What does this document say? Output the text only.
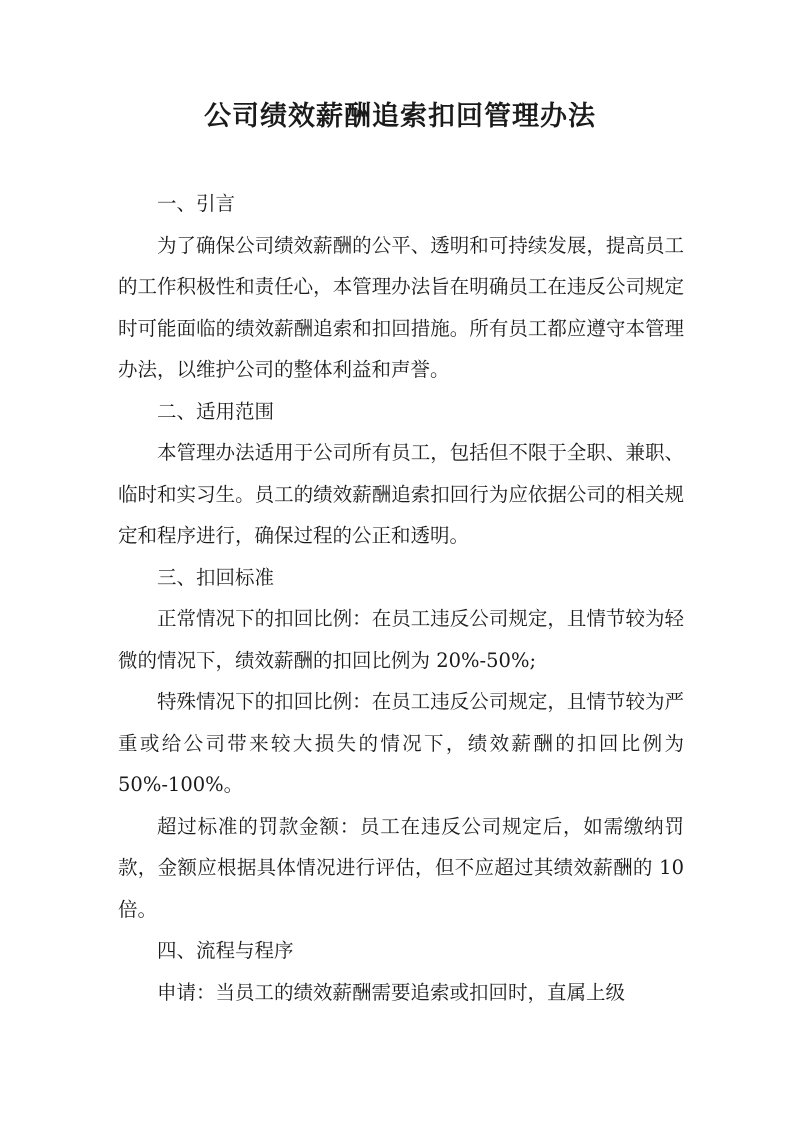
公司绩效薪酬追索扣回管理办法

一、引言

为了确保公司绩效薪酬的公平、透明和可持续发展，提高员工的工作积极性和责任心，本管理办法旨在明确员工在违反公司规定时可能面临的绩效薪酬追索和扣回措施。所有员工都应遵守本管理办法，以维护公司的整体利益和声誉。

二、适用范围

本管理办法适用于公司所有员工，包括但不限于全职、兼职、临时和实习生。员工的绩效薪酬追索扣回行为应依据公司的相关规定和程序进行，确保过程的公正和透明。

三、扣回标准

正常情况下的扣回比例：在员工违反公司规定，且情节较为轻微的情况下，绩效薪酬的扣回比例为 20%-50%;

特殊情况下的扣回比例：在员工违反公司规定，且情节较为严重或给公司带来较大损失的情况下，绩效薪酬的扣回比例为 50%-100%。

超过标准的罚款金额：员工在违反公司规定后，如需缴纳罚款，金额应根据具体情况进行评估，但不应超过其绩效薪酬的 10 倍。

四、流程与程序

申请：当员工的绩效薪酬需要追索或扣回时，直属上级
